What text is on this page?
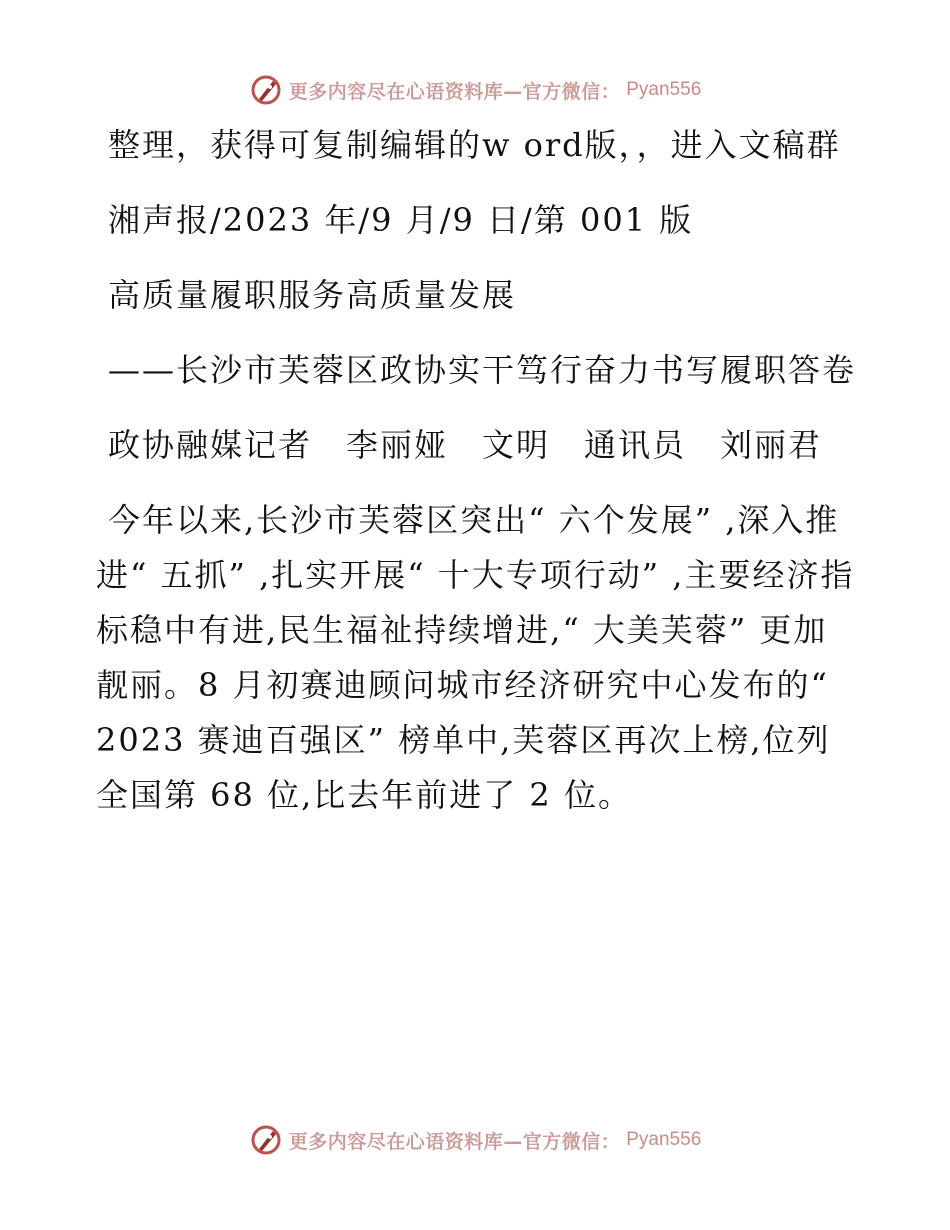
更多内容尽在心语资料库—官方微信： Pyan556

整理，获得可复制编辑的w ord版，，进入文稿群

湘声报/2023 年/9 月/9 日/第 001 版

高质量履职服务高质量发展

——长沙市芙蓉区政协实干笃行奋力书写履职答卷

政协融媒记者　李丽娅　文明　通讯员　刘丽君

今年以来,长沙市芙蓉区突出“ 六个发展” ,深入推进“ 五抓” ,扎实开展“ 十大专项行动” ,主要经济指标稳中有进,民生福祉持续增进,“ 大美芙蓉” 更加靓丽。8 月初赛迪顾问城市经济研究中心发布的“ 2023 赛迪百强区” 榜单中,芙蓉区再次上榜,位列全国第 68 位,比去年前进了 2 位。

更多内容尽在心语资料库—官方微信： Pyan556
